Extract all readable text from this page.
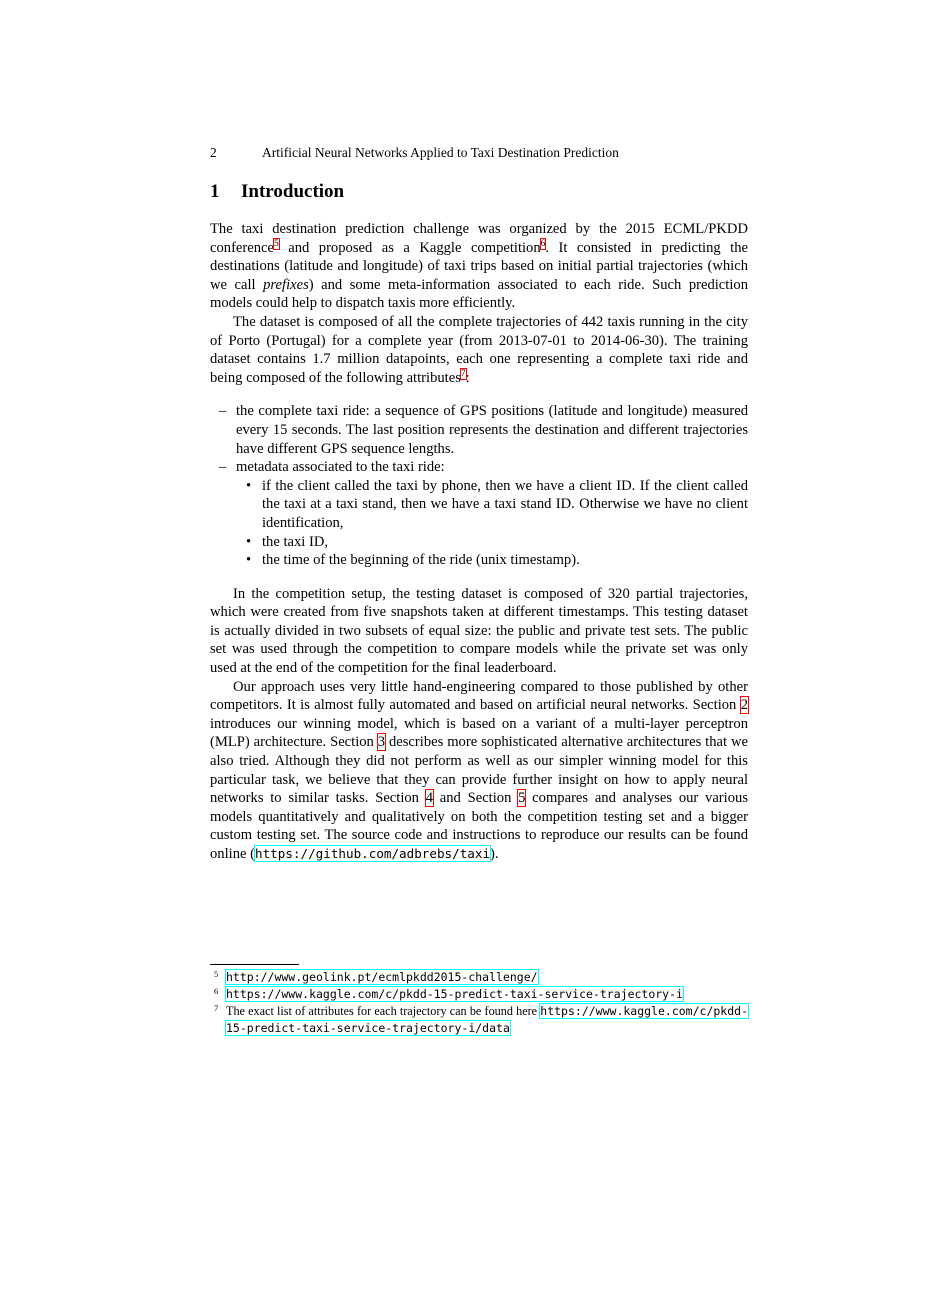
2	Artificial Neural Networks Applied to Taxi Destination Prediction
1 Introduction

The taxi destination prediction challenge was organized by the 2015 ECML/PKDD conference$^5$ and proposed as a Kaggle competition$^6$. It consisted in predicting the destinations (latitude and longitude) of taxi trips based on initial partial trajectories (which we call prefixes) and some meta-information associated to each ride. Such prediction models could help to dispatch taxis more efficiently.

The dataset is composed of all the complete trajectories of 442 taxis running in the city of Porto (Portugal) for a complete year (from 2013-07-01 to 2014-06-30). The training dataset contains 1.7 million datapoints, each one representing a complete taxi ride and being composed of the following attributes$^7$:

– the complete taxi ride: a sequence of GPS positions (latitude and longitude) measured every 15 seconds. The last position represents the destination and different trajectories have different GPS sequence lengths.
– metadata associated to the taxi ride:
• if the client called the taxi by phone, then we have a client ID. If the client called the taxi at a taxi stand, then we have a taxi stand ID. Otherwise we have no client identification,
• the taxi ID,
• the time of the beginning of the ride (unix timestamp).

In the competition setup, the testing dataset is composed of 320 partial trajectories, which were created from five snapshots taken at different timestamps. This testing dataset is actually divided in two subsets of equal size: the public and private test sets. The public set was used through the competition to compare models while the private set was only used at the end of the competition for the final leaderboard.

Our approach uses very little hand-engineering compared to those published by other competitors. It is almost fully automated and based on artificial neural networks. Section 2 introduces our winning model, which is based on a variant of a multi-layer perceptron (MLP) architecture. Section 3 describes more sophisticated alternative architectures that we also tried. Although they did not perform as well as our simpler winning model for this particular task, we believe that they can provide further insight on how to apply neural networks to similar tasks. Section 4 and Section 5 compares and analyses our various models quantitatively and qualitatively on both the competition testing set and a bigger custom testing set. The source code and instructions to reproduce our results can be found online (https://github.com/adbrebs/taxi).

5 http://www.geolink.pt/ecmlpkdd2015-challenge/
6 https://www.kaggle.com/c/pkdd-15-predict-taxi-service-trajectory-i
7 The exact list of attributes for each trajectory can be found here https://www.kaggle.com/c/pkdd-15-predict-taxi-service-trajectory-i/data
